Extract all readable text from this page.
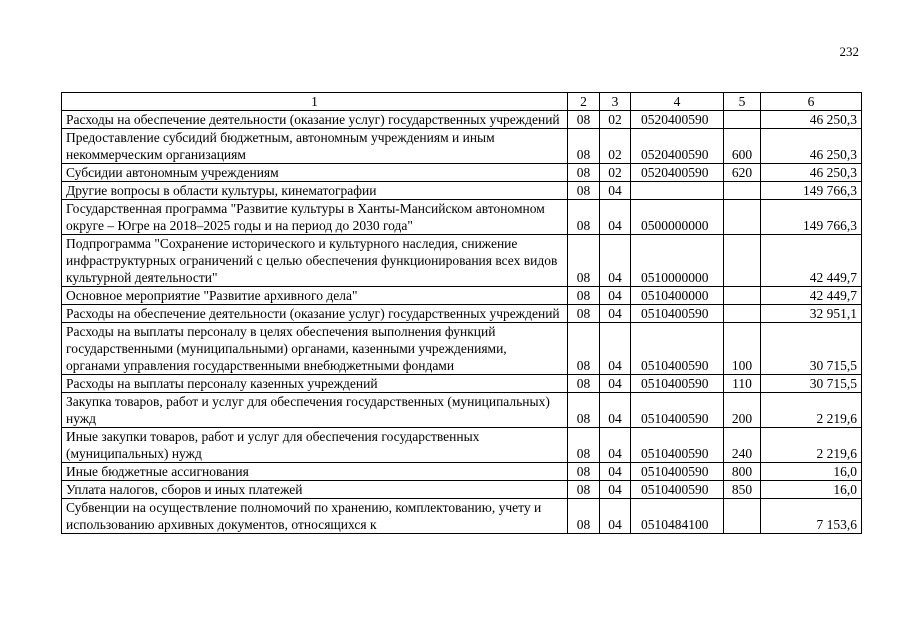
232
1	2	3	4	5	6
Расходы на обеспечение деятельности (оказание услуг) государственных учреждений	08	02	0520400590		46 250,3
Предоставление субсидий бюджетным, автономным учреждениям и иным некоммерческим организациям	08	02	0520400590	600	46 250,3
Субсидии автономным учреждениям	08	02	0520400590	620	46 250,3
Другие вопросы в области культуры, кинематографии	08	04			149 766,3
Государственная программа "Развитие культуры в Ханты-Мансийском автономном округе – Югре на 2018–2025 годы и на период до 2030 года"	08	04	0500000000		149 766,3
Подпрограмма "Сохранение исторического и культурного наследия, снижение инфраструктурных ограничений с целью обеспечения функционирования всех видов культурной деятельности"	08	04	0510000000		42 449,7
Основное мероприятие "Развитие архивного дела"	08	04	0510400000		42 449,7
Расходы на обеспечение деятельности (оказание услуг) государственных учреждений	08	04	0510400590		32 951,1
Расходы на выплаты персоналу в целях обеспечения выполнения функций государственными (муниципальными) органами, казенными учреждениями, органами управления государственными внебюджетными фондами	08	04	0510400590	100	30 715,5
Расходы на выплаты персоналу казенных учреждений	08	04	0510400590	110	30 715,5
Закупка товаров, работ и услуг для обеспечения государственных (муниципальных) нужд	08	04	0510400590	200	2 219,6
Иные закупки товаров, работ и услуг для обеспечения государственных (муниципальных) нужд	08	04	0510400590	240	2 219,6
Иные бюджетные ассигнования	08	04	0510400590	800	16,0
Уплата налогов, сборов и иных платежей	08	04	0510400590	850	16,0
Субвенции на осуществление полномочий по хранению, комплектованию, учету и использованию архивных документов, относящихся к	08	04	0510484100		7 153,6
